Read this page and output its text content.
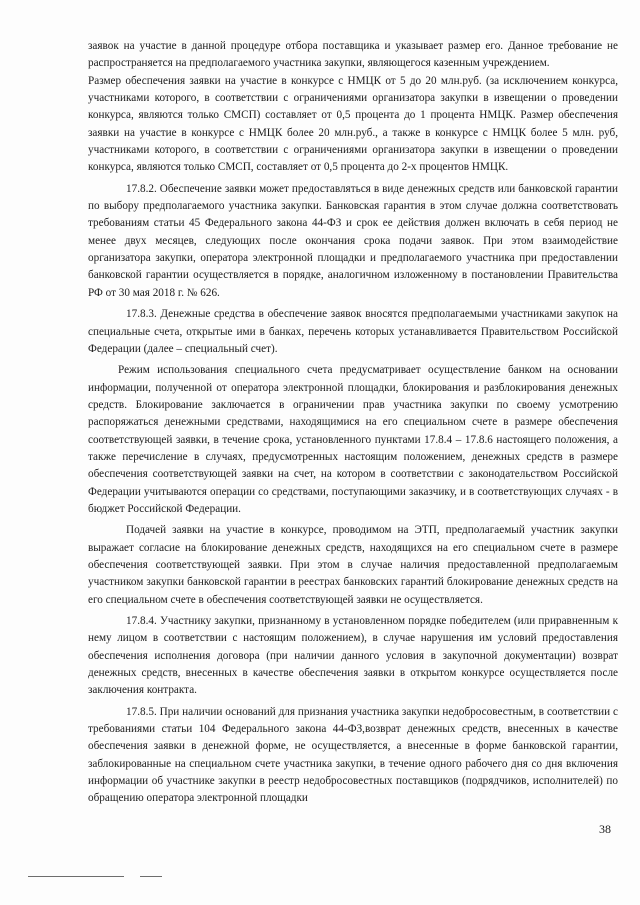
заявок на участие в данной процедуре отбора поставщика и указывает размер его. Данное требование не распространяется на предполагаемого участника закупки, являющегося казенным учреждением.

Размер обеспечения заявки на участие в конкурсе с НМЦК от 5 до 20 млн.руб. (за исключением конкурса, участниками которого, в соответствии с ограничениями организатора закупки в извещении о проведении конкурса, являются только СМСП) составляет от 0,5 процента до 1 процента НМЦК. Размер обеспечения заявки на участие в конкурсе с НМЦК более 20 млн.руб., а также в конкурсе с НМЦК более 5 млн. руб, участниками которого, в соответствии с ограничениями организатора закупки в извещении о проведении конкурса, являются только СМСП, составляет от 0,5 процента до 2-х процентов НМЦК.

17.8.2. Обеспечение заявки может предоставляться в виде денежных средств или банковской гарантии по выбору предполагаемого участника закупки. Банковская гарантия в этом случае должна соответствовать требованиям статьи 45 Федерального закона 44-ФЗ и срок ее действия должен включать в себя период не менее двух месяцев, следующих после окончания срока подачи заявок. При этом взаимодействие организатора закупки, оператора электронной площадки и предполагаемого участника при предоставлении банковской гарантии осуществляется в порядке, аналогичном изложенному в постановлении Правительства РФ от 30 мая 2018 г. № 626.

17.8.3. Денежные средства в обеспечение заявок вносятся предполагаемыми участниками закупок на специальные счета, открытые ими в банках, перечень которых устанавливается Правительством Российской Федерации (далее – специальный счет).

Режим использования специального счета предусматривает осуществление банком на основании информации, полученной от оператора электронной площадки, блокирования и разблокирования денежных средств. Блокирование заключается в ограничении прав участника закупки по своему усмотрению распоряжаться денежными средствами, находящимися на его специальном счете в размере обеспечения соответствующей заявки, в течение срока, установленного пунктами 17.8.4 – 17.8.6 настоящего положения, а также перечисление в случаях, предусмотренных настоящим положением, денежных средств в размере обеспечения соответствующей заявки на счет, на котором в соответствии с законодательством Российской Федерации учитываются операции со средствами, поступающими заказчику, и в соответствующих случаях - в бюджет Российской Федерации.

Подачей заявки на участие в конкурсе, проводимом на ЭТП, предполагаемый участник закупки выражает согласие на блокирование денежных средств, находящихся на его специальном счете в размере обеспечения соответствующей заявки. При этом в случае наличия предоставленной предполагаемым участником закупки банковской гарантии в реестрах банковских гарантий блокирование денежных средств на его специальном счете в обеспечения соответствующей заявки не осуществляется.

17.8.4. Участнику закупки, признанному в установленном порядке победителем (или приравненным к нему лицом в соответствии с настоящим положением), в случае нарушения им условий предоставления обеспечения исполнения договора (при наличии данного условия в закупочной документации) возврат денежных средств, внесенных в качестве обеспечения заявки в открытом конкурсе осуществляется после заключения контракта.

17.8.5. При наличии оснований для признания участника закупки недобросовестным, в соответствии с требованиями статьи 104 Федерального закона 44-ФЗ,возврат денежных средств, внесенных в качестве обеспечения заявки в денежной форме, не осуществляется, а внесенные в форме банковской гарантии, заблокированные на специальном счете участника закупки, в течение одного рабочего дня со дня включения информации об участнике закупки в реестр недобросовестных поставщиков (подрядчиков, исполнителей) по обращению оператора электронной площадки

38
